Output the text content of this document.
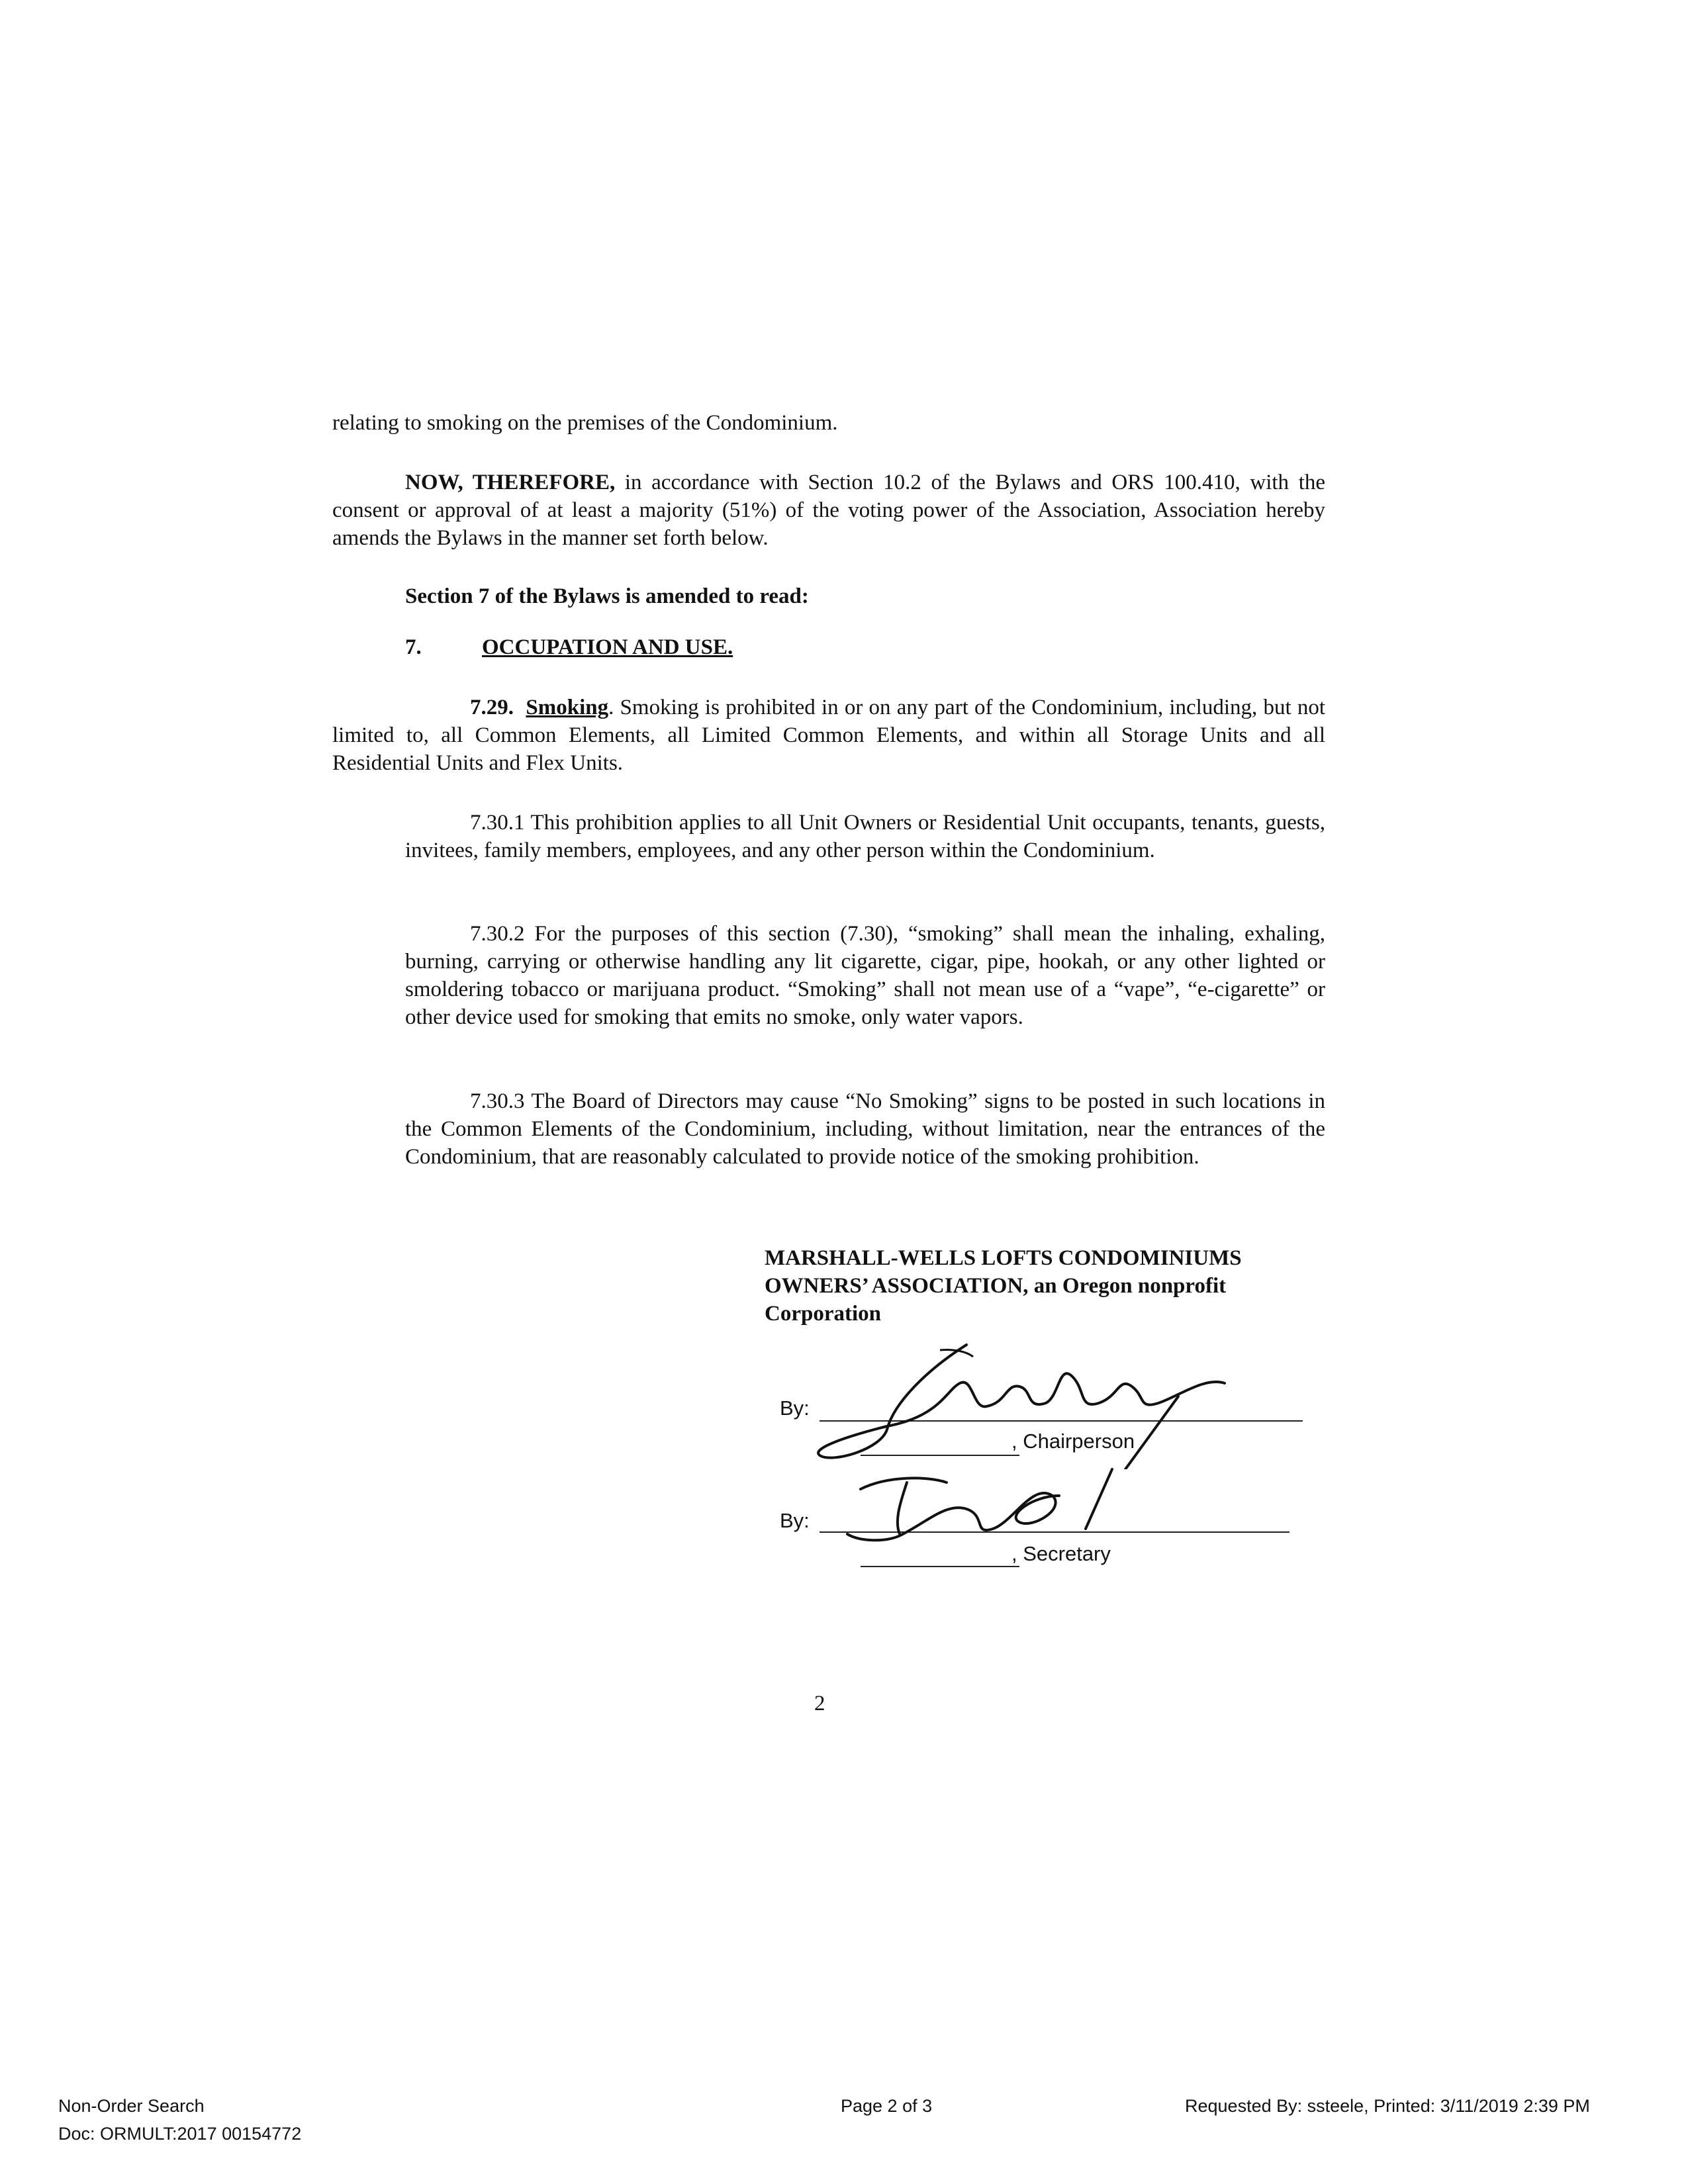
relating to smoking on the premises of the Condominium.

NOW, THEREFORE, in accordance with Section 10.2 of the Bylaws and ORS 100.410, with the consent or approval of at least a majority (51%) of the voting power of the Association, Association hereby amends the Bylaws in the manner set forth below.

Section 7 of the Bylaws is amended to read:

7.	OCCUPATION AND USE.

7.29. Smoking. Smoking is prohibited in or on any part of the Condominium, including, but not limited to, all Common Elements, all Limited Common Elements, and within all Storage Units and all Residential Units and Flex Units.

7.30.1 This prohibition applies to all Unit Owners or Residential Unit occupants, tenants, guests, invitees, family members, employees, and any other person within the Condominium.

7.30.2 For the purposes of this section (7.30), “smoking” shall mean the inhaling, exhaling, burning, carrying or otherwise handling any lit cigarette, cigar, pipe, hookah, or any other lighted or smoldering tobacco or marijuana product. “Smoking” shall not mean use of a “vape”, “e-cigarette” or other device used for smoking that emits no smoke, only water vapors.

7.30.3 The Board of Directors may cause “No Smoking” signs to be posted in such locations in the Common Elements of the Condominium, including, without limitation, near the entrances of the Condominium, that are reasonably calculated to provide notice of the smoking prohibition.

MARSHALL-WELLS LOFTS CONDOMINIUMS OWNERS’ ASSOCIATION, an Oregon nonprofit Corporation
By:
, Chairperson
By:
, Secretary
2
Non-Order Search
Doc: ORMULT:2017 00154772
Page 2 of 3	Requested By: ssteele, Printed: 3/11/2019 2:39 PM
